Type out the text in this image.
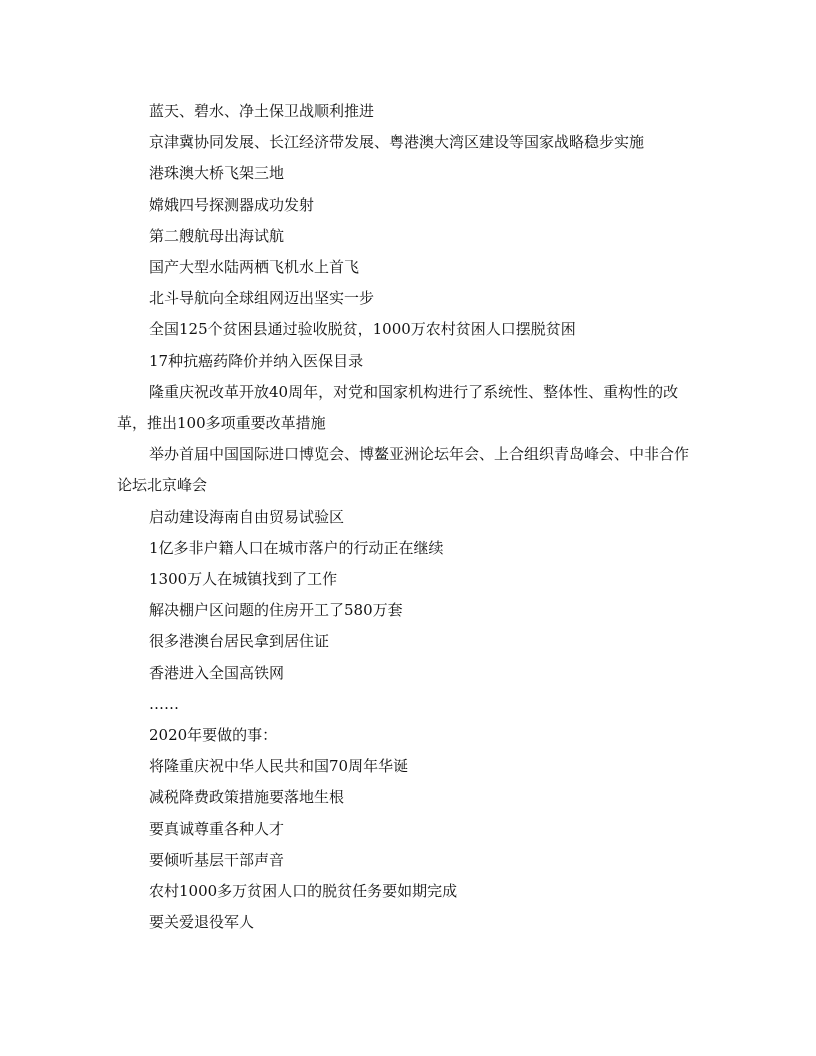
蓝天、碧水、净土保卫战顺利推进

京津冀协同发展、长江经济带发展、粤港澳大湾区建设等国家战略稳步实施

港珠澳大桥飞架三地

嫦娥四号探测器成功发射

第二艘航母出海试航

国产大型水陆两栖飞机水上首飞

北斗导航向全球组网迈出坚实一步

全国125个贫困县通过验收脱贫，1000万农村贫困人口摆脱贫困

17种抗癌药降价并纳入医保目录

隆重庆祝改革开放40周年，对党和国家机构进行了系统性、整体性、重构性的改革，推出100多项重要改革措施

举办首届中国国际进口博览会、博鳌亚洲论坛年会、上合组织青岛峰会、中非合作论坛北京峰会

启动建设海南自由贸易试验区

1亿多非户籍人口在城市落户的行动正在继续

1300万人在城镇找到了工作

解决棚户区问题的住房开工了580万套

很多港澳台居民拿到居住证

香港进入全国高铁网

……

2020年要做的事：

将隆重庆祝中华人民共和国70周年华诞

减税降费政策措施要落地生根

要真诚尊重各种人才

要倾听基层干部声音

农村1000多万贫困人口的脱贫任务要如期完成

要关爱退役军人
